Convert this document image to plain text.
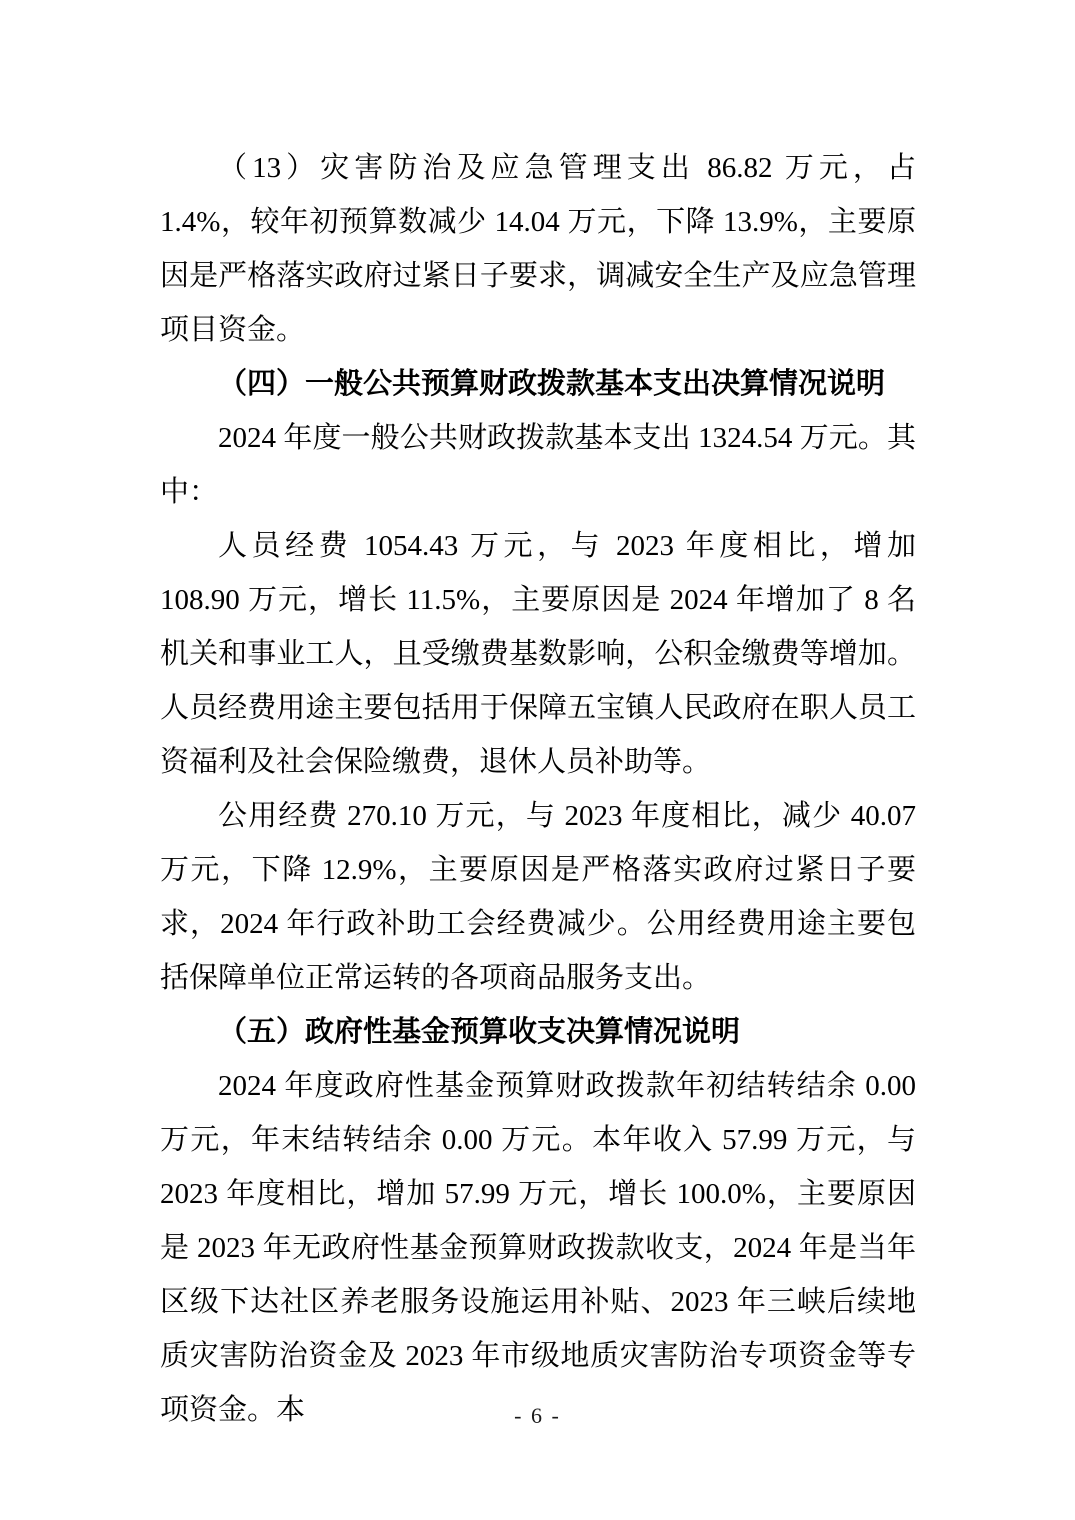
（13）灾害防治及应急管理支出 86.82 万元，占 1.4%，较年初预算数减少 14.04 万元，下降 13.9%，主要原因是严格落实政府过紧日子要求，调减安全生产及应急管理项目资金。

（四）一般公共预算财政拨款基本支出决算情况说明

2024 年度一般公共财政拨款基本支出 1324.54 万元。其中：

人员经费 1054.43 万元，与 2023 年度相比，增加 108.90 万元，增长 11.5%，主要原因是 2024 年增加了 8 名机关和事业工人，且受缴费基数影响，公积金缴费等增加。人员经费用途主要包括用于保障五宝镇人民政府在职人员工资福利及社会保险缴费，退休人员补助等。

公用经费 270.10 万元，与 2023 年度相比，减少 40.07 万元，下降 12.9%，主要原因是严格落实政府过紧日子要求，2024 年行政补助工会经费减少。公用经费用途主要包括保障单位正常运转的各项商品服务支出。

（五）政府性基金预算收支决算情况说明

2024 年度政府性基金预算财政拨款年初结转结余 0.00 万元，年末结转结余 0.00 万元。本年收入 57.99 万元，与 2023 年度相比，增加 57.99 万元，增长 100.0%，主要原因是 2023 年无政府性基金预算财政拨款收支，2024 年是当年区级下达社区养老服务设施运用补贴、2023 年三峡后续地质灾害防治资金及 2023 年市级地质灾害防治专项资金等专项资金。本	- 6 -
